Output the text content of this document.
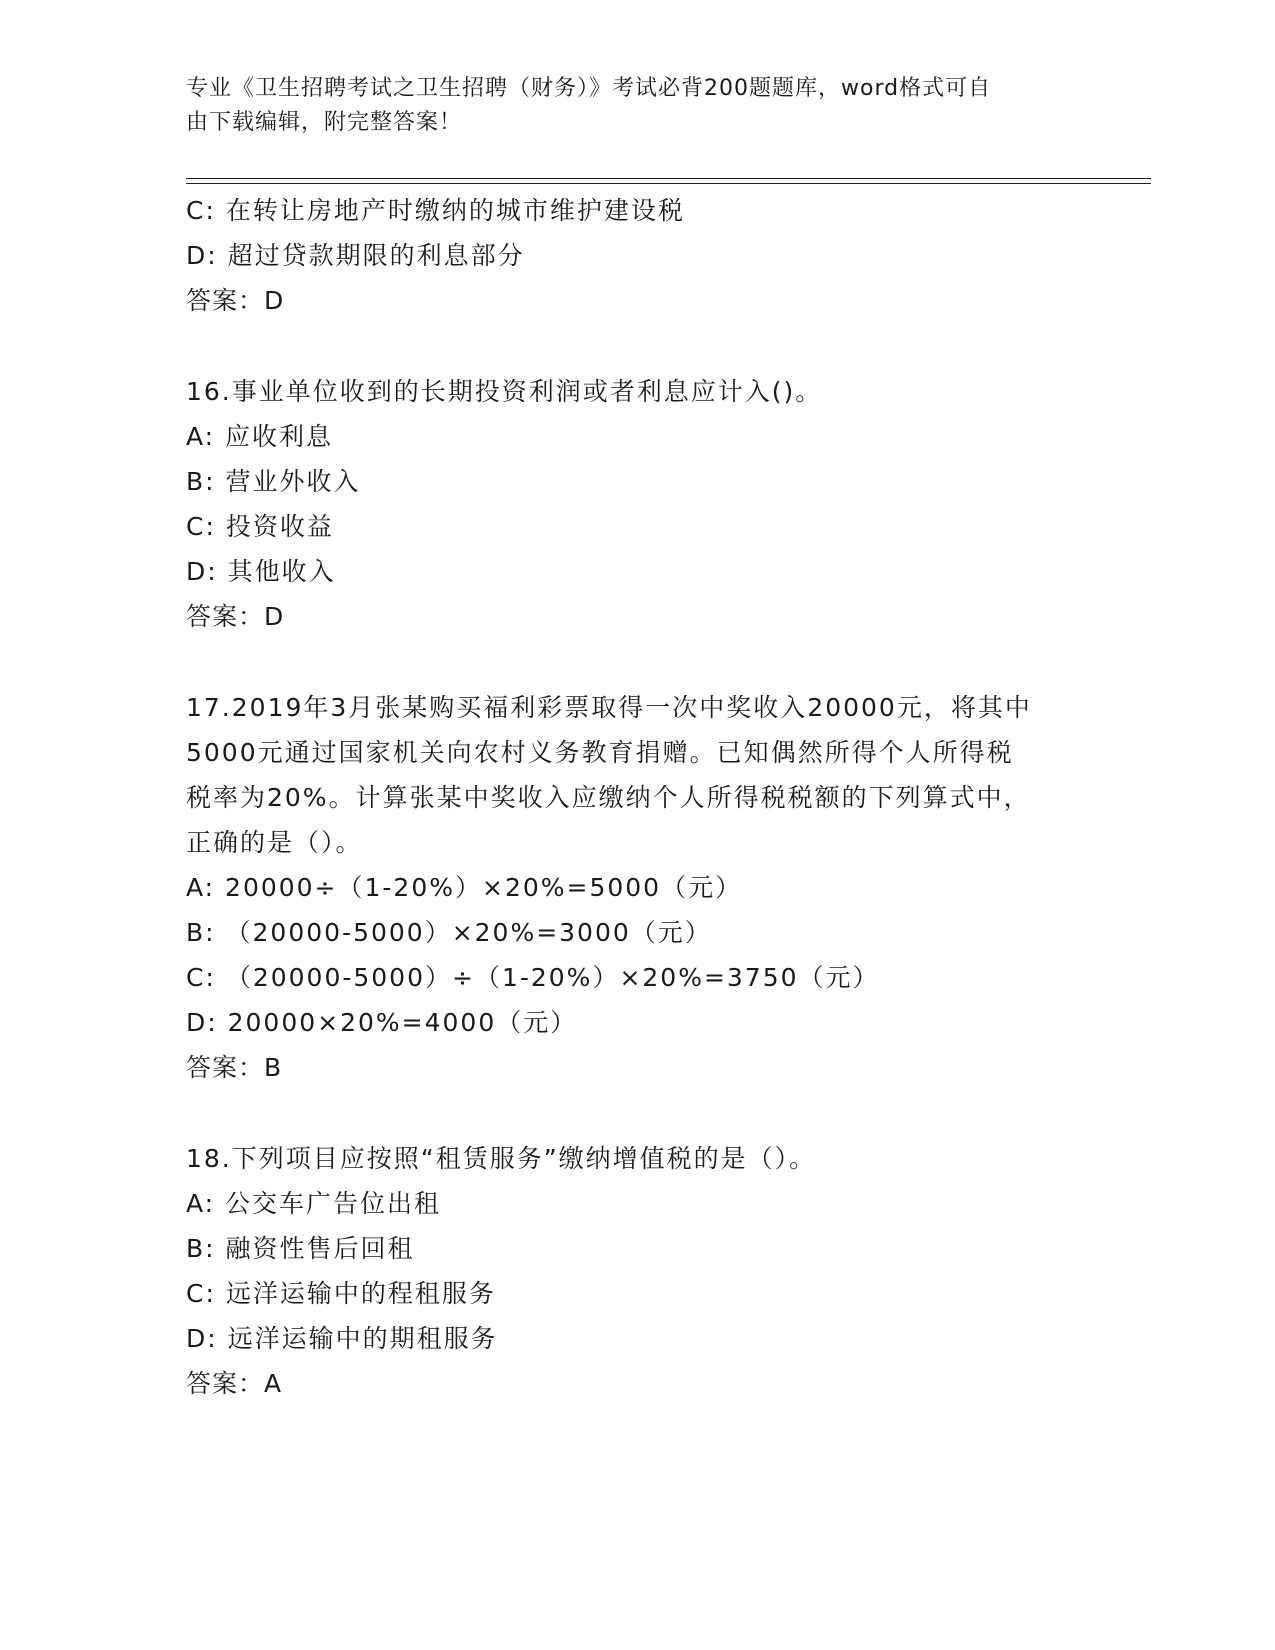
专业《卫生招聘考试之卫生招聘（财务）》考试必背200题题库，word格式可自
由下载编辑，附完整答案！
C: 在转让房地产时缴纳的城市维护建设税
D: 超过贷款期限的利息部分
答案：D
16.事业单位收到的长期投资利润或者利息应计入()。
A: 应收利息
B: 营业外收入
C: 投资收益
D: 其他收入
答案：D
17.2019年3月张某购买福利彩票取得一次中奖收入20000元，将其中
5000元通过国家机关向农村义务教育捐赠。已知偶然所得个人所得税
税率为20%。计算张某中奖收入应缴纳个人所得税税额的下列算式中，
正确的是（）。
A: 20000÷（1-20%）×20%=5000（元）
B: （20000-5000）×20%=3000（元）
C: （20000-5000）÷（1-20%）×20%=3750（元）
D: 20000×20%=4000（元）
答案：B
18.下列项目应按照“租赁服务”缴纳增值税的是（）。
A: 公交车广告位出租
B: 融资性售后回租
C: 远洋运输中的程租服务
D: 远洋运输中的期租服务
答案：A
